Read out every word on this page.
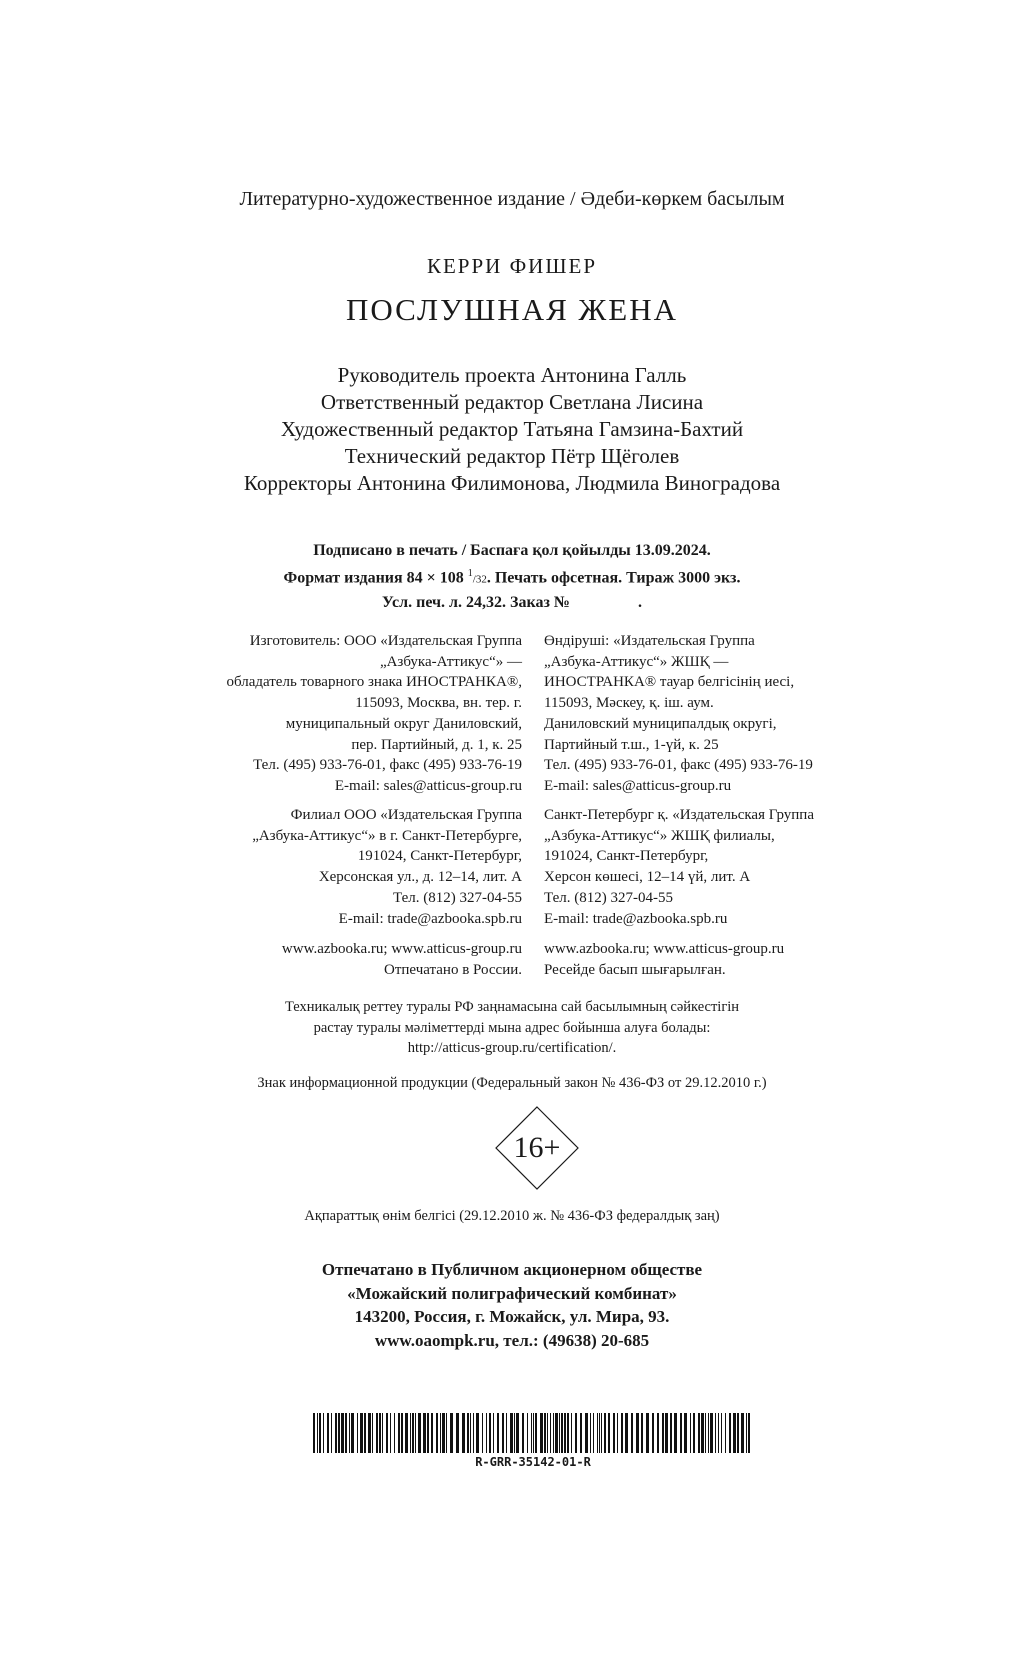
Литературно-художественное издание / Әдеби-көркем басылым
КЕРРИ ФИШЕР
ПОСЛУШНАЯ ЖЕНА
Руководитель проекта Антонина Галль
Ответственный редактор Светлана Лисина
Художественный редактор Татьяна Гамзина-Бахтий
Технический редактор Пётр Щёголев
Корректоры Антонина Филимонова, Людмила Виноградова
Подписано в печать / Баспаға қол қойылды 13.09.2024.
Формат издания 84 × 108 $^1$/32. Печать офсетная. Тираж 3000 экз.
Усл. печ. л. 24,32. Заказ №                 .
Изготовитель: ООО «Издательская Группа
„Азбука-Аттикус“» —
обладатель товарного знака ИНОСТРАНКА®,
115093, Москва, вн. тер. г.
муниципальный округ Даниловский,
пер. Партийный, д. 1, к. 25
Тел. (495) 933-76-01, факс (495) 933-76-19
E-mail: sales@atticus-group.ru
Өндіруші: «Издательская Группа
„Азбука-Аттикус“» ЖШҚ —
ИНОСТРАНКА® тауар белгісінің иесі,
115093, Мәскеу, қ. іш. аум.
Даниловский муниципалдық округі,
Партийный т.ш., 1-үй, к. 25
Тел. (495) 933-76-01, факс (495) 933-76-19
E-mail: sales@atticus-group.ru
Филиал ООО «Издательская Группа
„Азбука-Аттикус“» в г. Санкт-Петербурге,
191024, Санкт-Петербург,
Херсонская ул., д. 12–14, лит. А
Тел. (812) 327-04-55
E-mail: trade@azbooka.spb.ru
Санкт-Петербург қ. «Издательская Группа
„Азбука-Аттикус“» ЖШҚ филиалы,
191024, Санкт-Петербург,
Херсон көшесі, 12–14 үй, лит. А
Тел. (812) 327-04-55
E-mail: trade@azbooka.spb.ru
www.azbooka.ru; www.atticus-group.ru
Отпечатано в России.
www.azbooka.ru; www.atticus-group.ru
Ресейде басып шығарылған.
Техникалық реттеу туралы РФ заңнамасына сай басылымның сәйкестігін
растау туралы мәліметтерді мына адрес бойынша алуға болады:
http://atticus-group.ru/certification/.
Знак информационной продукции (Федеральный закон № 436-ФЗ от 29.12.2010 г.)
16+
Ақпараттық өнім белгісі (29.12.2010 ж. № 436-ФЗ федералдық заң)
Отпечатано в Публичном акционерном обществе
«Можайский полиграфический комбинат»
143200, Россия, г. Можайск, ул. Мира, 93.
www.oaompk.ru, тел.: (49638) 20-685
R-GRR-35142-01-R
